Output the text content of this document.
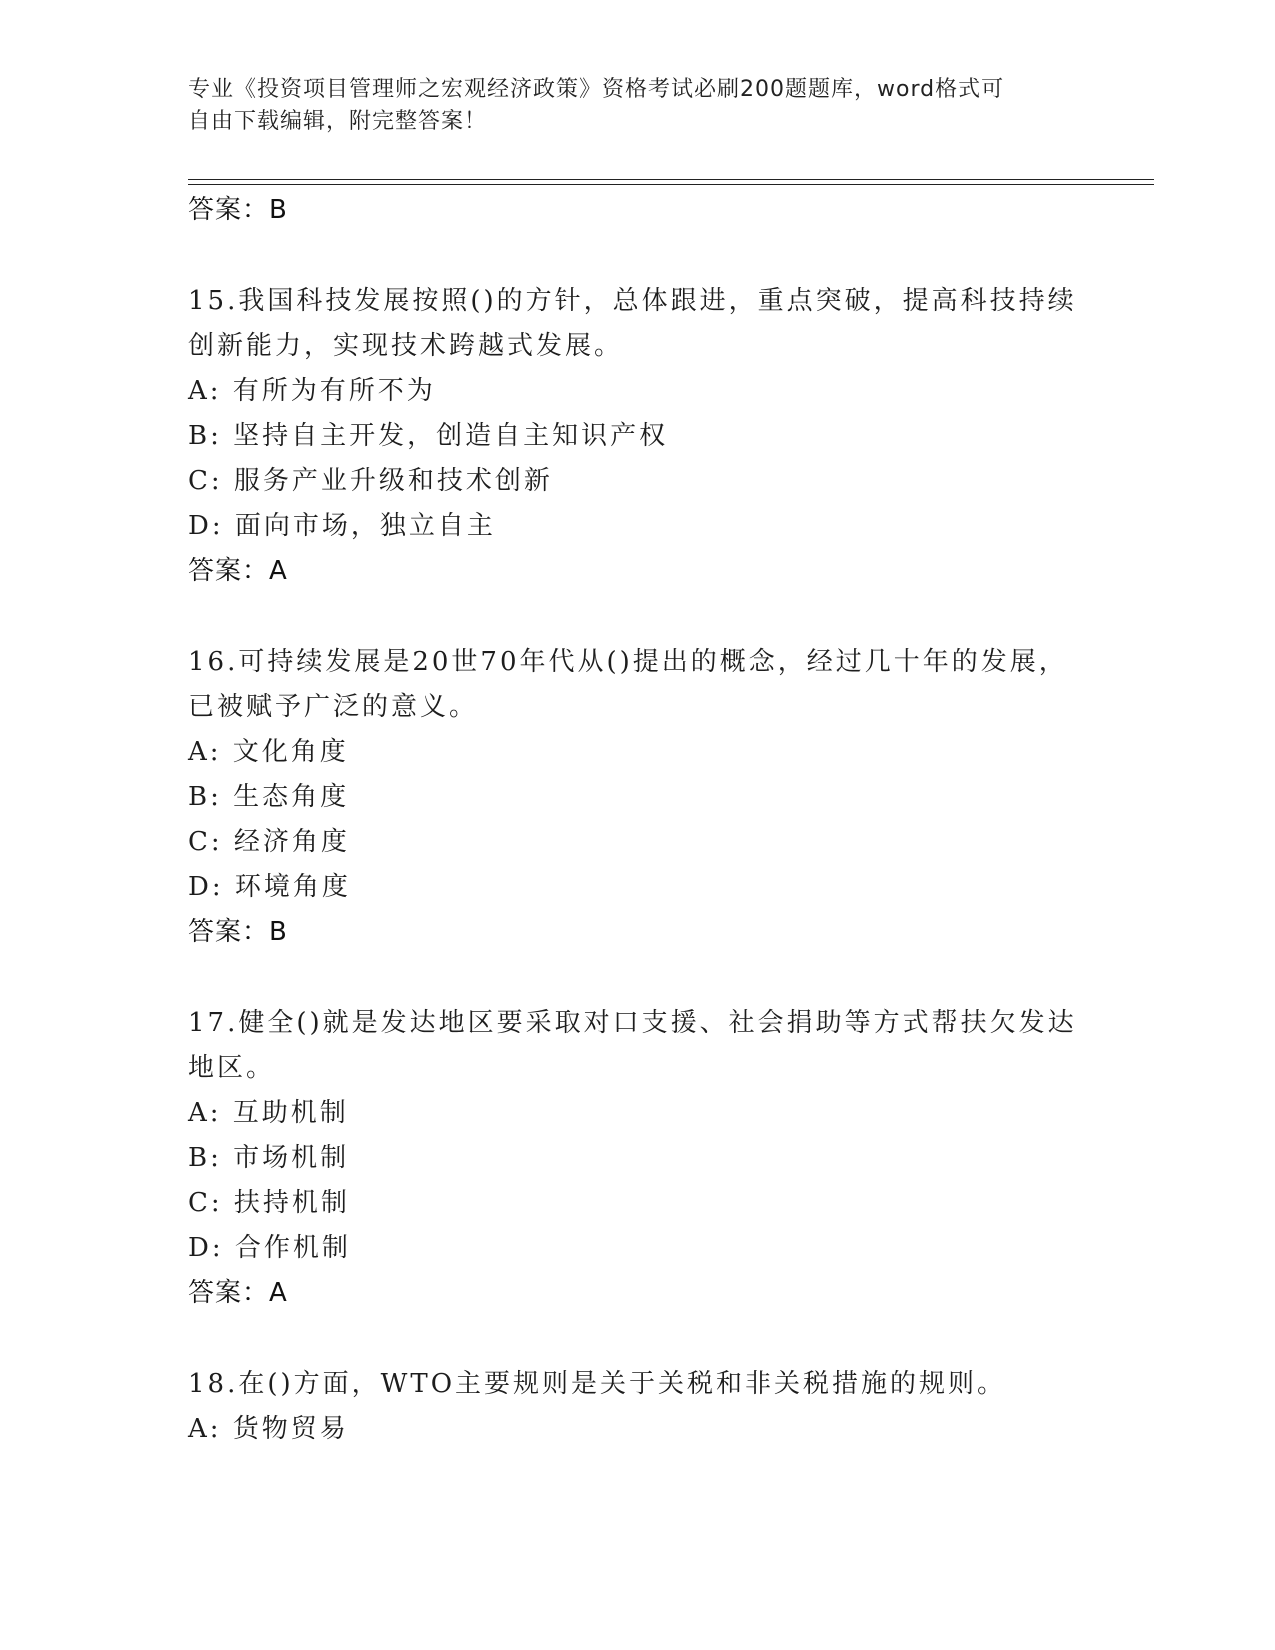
专业《投资项目管理师之宏观经济政策》资格考试必刷200题题库，word格式可
自由下载编辑，附完整答案！
答案：B
15.我国科技发展按照()的方针，总体跟进，重点突破，提高科技持续
创新能力，实现技术跨越式发展。
A: 有所为有所不为
B: 坚持自主开发，创造自主知识产权
C: 服务产业升级和技术创新
D: 面向市场，独立自主
答案：A
16.可持续发展是20世70年代从()提出的概念，经过几十年的发展，
已被赋予广泛的意义。
A: 文化角度
B: 生态角度
C: 经济角度
D: 环境角度
答案：B
17.健全()就是发达地区要采取对口支援、社会捐助等方式帮扶欠发达
地区。
A: 互助机制
B: 市场机制
C: 扶持机制
D: 合作机制
答案：A
18.在()方面，WTO主要规则是关于关税和非关税措施的规则。
A: 货物贸易
